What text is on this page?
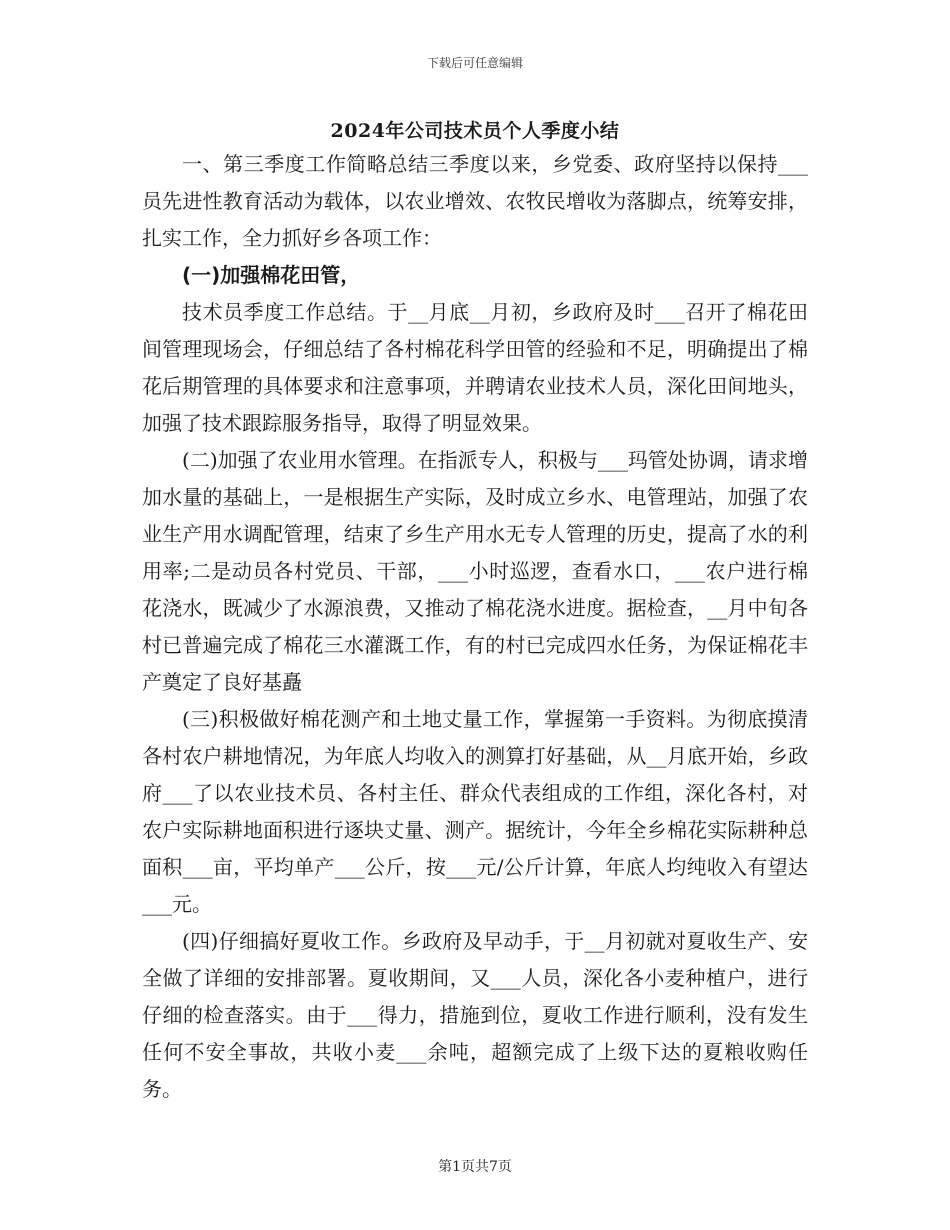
下载后可任意编辑
2024年公司技术员个人季度小结

一、第三季度工作简略总结三季度以来，乡党委、政府坚持以保持___员先进性教育活动为载体，以农业增效、农牧民增收为落脚点，统筹安排，扎实工作，全力抓好乡各项工作：

(一)加强棉花田管，

技术员季度工作总结。于__月底__月初，乡政府及时___召开了棉花田间管理现场会，仔细总结了各村棉花科学田管的经验和不足，明确提出了棉花后期管理的具体要求和注意事项，并聘请农业技术人员，深化田间地头，加强了技术跟踪服务指导，取得了明显效果。

(二)加强了农业用水管理。在指派专人，积极与___玛管处协调，请求增加水量的基础上，一是根据生产实际，及时成立乡水、电管理站，加强了农业生产用水调配管理，结束了乡生产用水无专人管理的历史，提高了水的利用率;二是动员各村党员、干部，___小时巡逻，查看水口，___农户进行棉花浇水，既减少了水源浪费，又推动了棉花浇水进度。据检查，__月中旬各村已普遍完成了棉花三水灌溉工作，有的村已完成四水任务，为保证棉花丰产奠定了良好基矗

(三)积极做好棉花测产和土地丈量工作，掌握第一手资料。为彻底摸清各村农户耕地情况，为年底人均收入的测算打好基础，从__月底开始，乡政府___了以农业技术员、各村主任、群众代表组成的工作组，深化各村，对农户实际耕地面积进行逐块丈量、测产。据统计，今年全乡棉花实际耕种总面积___亩，平均单产___公斤，按___元/公斤计算，年底人均纯收入有望达___元。

(四)仔细搞好夏收工作。乡政府及早动手，于__月初就对夏收生产、安全做了详细的安排部署。夏收期间，又___人员，深化各小麦种植户，进行仔细的检查落实。由于___得力，措施到位，夏收工作进行顺利，没有发生任何不安全事故，共收小麦___余吨，超额完成了上级下达的夏粮收购任务。

第1页共7页
